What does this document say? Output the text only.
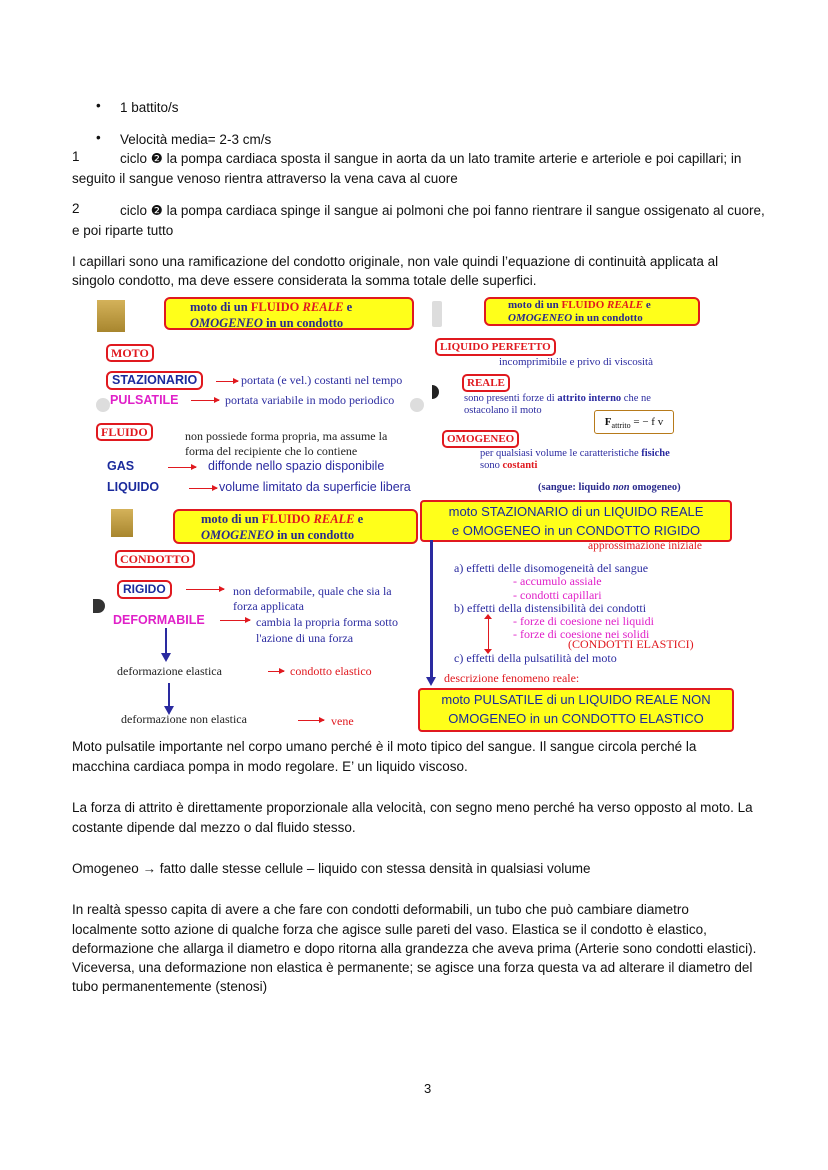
• 1 battito/s
• Velocità media= 2-3 cm/s
1	ciclo ❷ la pompa cardiaca sposta il sangue in aorta da un lato tramite arterie e arteriole e poi capillari; in
seguito il sangue venoso rientra attraverso la vena cava al cuore
2	ciclo ❷ la pompa cardiaca spinge il sangue ai polmoni che poi fanno rientrare il sangue ossigenato al cuore,
e poi riparte tutto
I capillari sono una ramificazione del condotto originale, non vale quindi l’equazione di continuità applicata al
singolo condotto, ma deve essere considerata la somma totale delle superfici.
moto di un FLUIDO REALE e
OMOGENEO in un condotto
MOTO
STAZIONARIO	portata (e vel.) costanti nel tempo
PULSATILE	portata variabile in modo periodico
FLUIDO	non possiede forma propria, ma assume la
forma del recipiente che lo contiene
GAS	diffonde nello spazio disponibile
LIQUIDO	volume limitato da superficie libera
moto di un FLUIDO REALE e
OMOGENEO in un condotto
LIQUIDO PERFETTO
incomprimibile e privo di viscosità
REALE
sono presenti forze di attrito interno che ne
ostacolano il moto
$F_{attrito}$ = − f v
OMOGENEO
per qualsiasi volume le caratteristiche fisiche
sono costanti
(sangue: liquido non omogeneo)
moto di un FLUIDO REALE e
OMOGENEO in un condotto
CONDOTTO
RIGIDO	non deformabile, quale che sia la
forza applicata
DEFORMABILE	cambia la propria forma sotto
l'azione di una forza
deformazione elastica	condotto elastico
deformazione non elastica	vene
moto STAZIONARIO di un LIQUIDO REALE
e OMOGENEO in un CONDOTTO RIGIDO
approssimazione iniziale
a) effetti delle disomogeneità del sangue
- accumulo assiale
- condotti capillari
b) effetti della distensibilità dei condotti
- forze di coesione nei liquidi
- forze di coesione nei solidi
(CONDOTTI ELASTICI)
c) effetti della pulsatilità del moto
descrizione fenomeno reale:
moto PULSATILE di un LIQUIDO REALE NON
OMOGENEO in un CONDOTTO ELASTICO
Moto pulsatile importante nel corpo umano perché è il moto tipico del sangue. Il sangue circola perché la
macchina cardiaca pompa in modo regolare. E’ un liquido viscoso.
La forza di attrito è direttamente proporzionale alla velocità, con segno meno perché ha verso opposto al moto. La
costante dipende dal mezzo o dal fluido stesso.
Omogeneo → fatto dalle stesse cellule – liquido con stessa densità in qualsiasi volume
In realtà spesso capita di avere a che fare con condotti deformabili, un tubo che può cambiare diametro
localmente sotto azione di qualche forza che agisce sulle pareti del vaso. Elastica se il condotto è elastico,
deformazione che allarga il diametro e dopo ritorna alla grandezza che aveva prima (Arterie sono condotti elastici).
Viceversa, una deformazione non elastica è permanente; se agisce una forza questa va ad alterare il diametro del
tubo permanentemente (stenosi)
3
